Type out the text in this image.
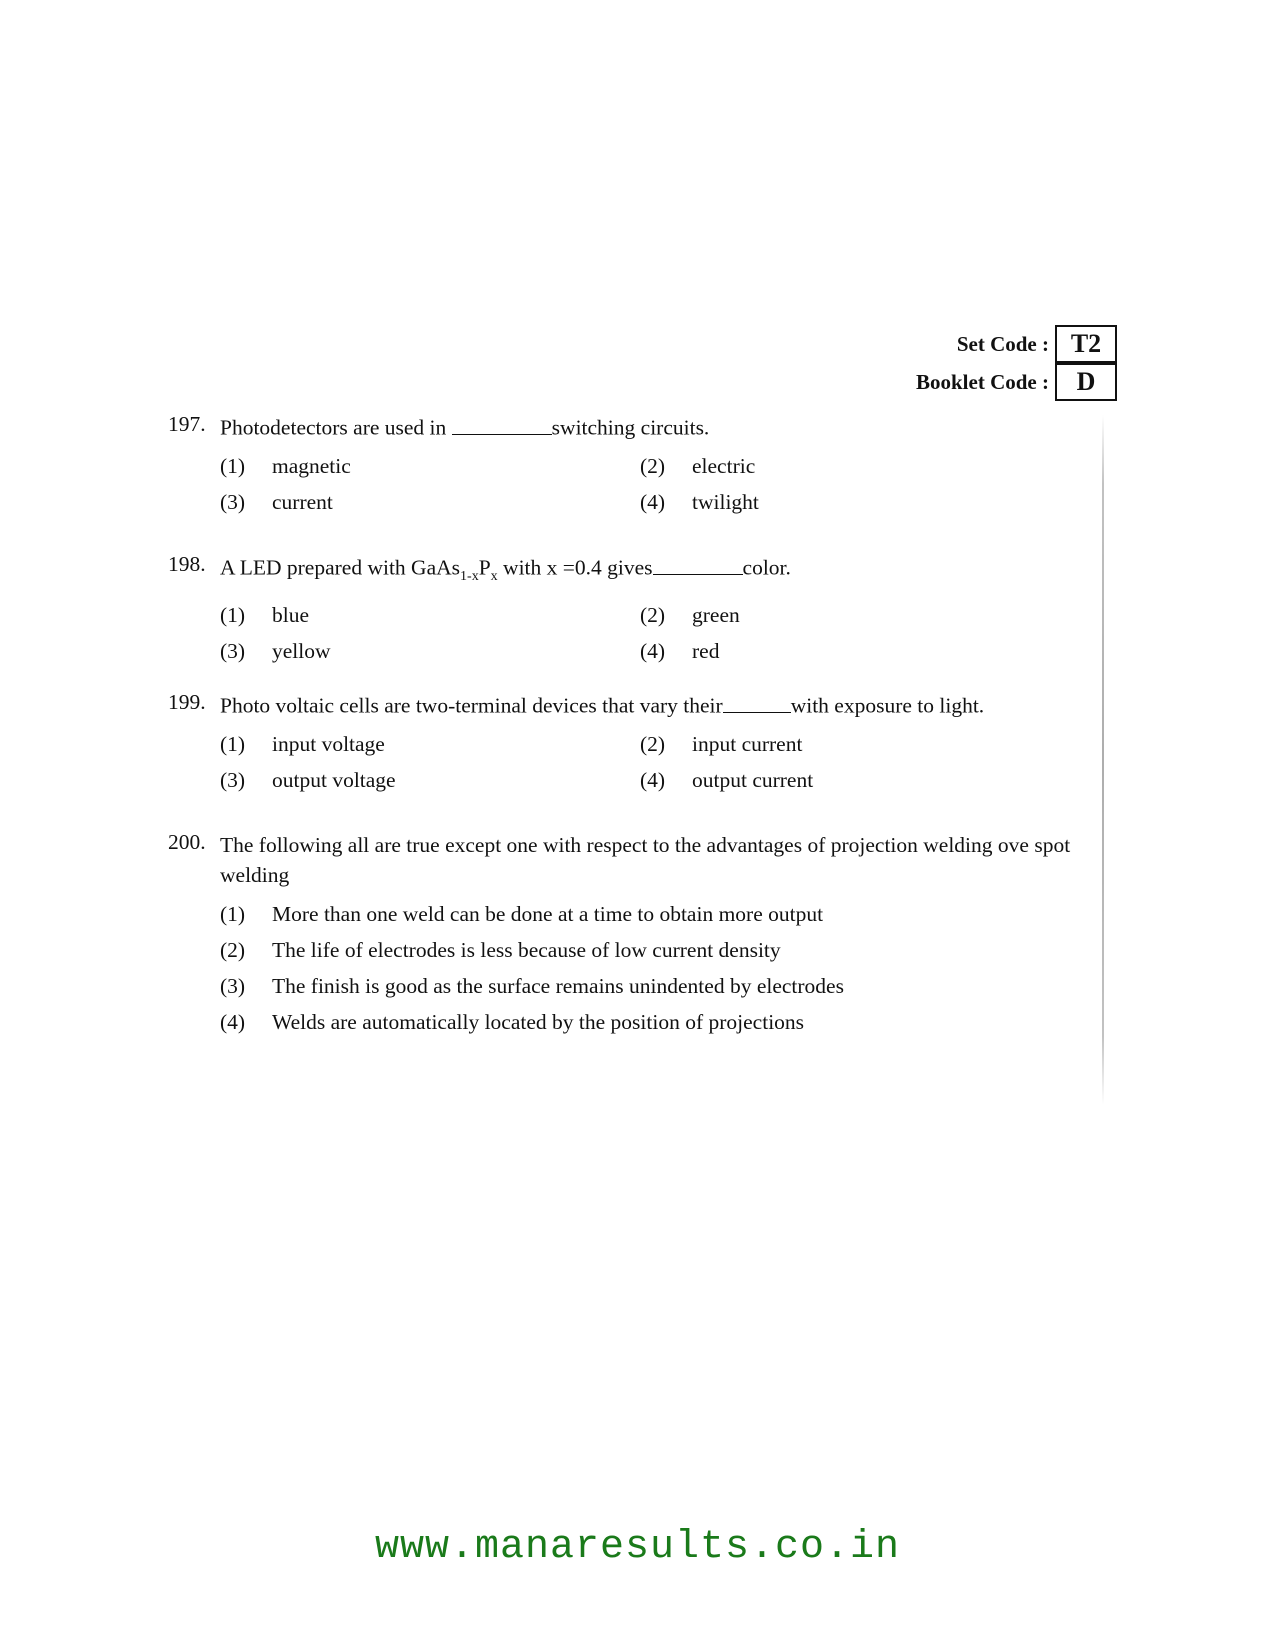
Set Code : T2
Booklet Code :	D
197. Photodetectors are used in	switching circuits.
(1)	magnetic	(2)	electric
(3)	current	(4)	twilight
198. A LED prepared with $GaAs_{1-x}P_x$ with x =0.4 gives	color.
(1)	blue	(2)	green
(3)	yellow	(4)	red
199. Photo voltaic cells are two-terminal devices that vary their	with exposure to light.
(1)	input voltage	(2)	input current
(3)	output voltage	(4)	output current
200. The following all are true except one with respect to the advantages of projection welding ove spot welding
(1)	More than one weld can be done at a time to obtain more output
(2)	The life of electrodes is less because of low current density
(3)	The finish is good as the surface remains unindented by electrodes
(4)	Welds are automatically located by the position of projections
www.manaresults.co.in
